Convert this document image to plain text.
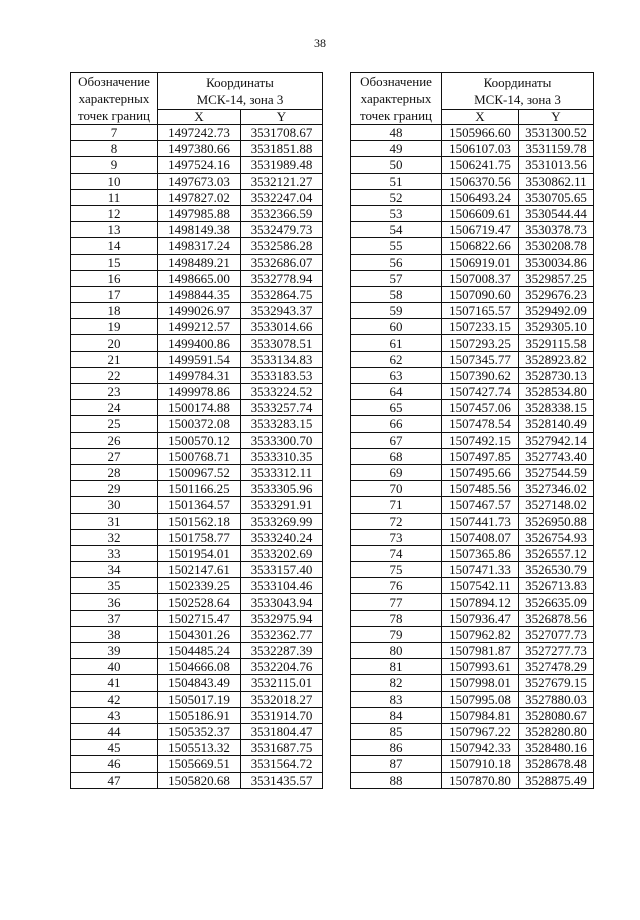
38
Обозначение
характерных
точек границ	Координаты
МСК-14, зона 3	

	X	Y
7	1497242.73	3531708.67
8	1497380.66	3531851.88
9	1497524.16	3531989.48
10	1497673.03	3532121.27
11	1497827.02	3532247.04
12	1497985.88	3532366.59
13	1498149.38	3532479.73
14	1498317.24	3532586.28
15	1498489.21	3532686.07
16	1498665.00	3532778.94
17	1498844.35	3532864.75
18	1499026.97	3532943.37
19	1499212.57	3533014.66
20	1499400.86	3533078.51
21	1499591.54	3533134.83
22	1499784.31	3533183.53
23	1499978.86	3533224.52
24	1500174.88	3533257.74
25	1500372.08	3533283.15
26	1500570.12	3533300.70
27	1500768.71	3533310.35
28	1500967.52	3533312.11
29	1501166.25	3533305.96
30	1501364.57	3533291.91
31	1501562.18	3533269.99
32	1501758.77	3533240.24
33	1501954.01	3533202.69
34	1502147.61	3533157.40
35	1502339.25	3533104.46
36	1502528.64	3533043.94
37	1502715.47	3532975.94
38	1504301.26	3532362.77
39	1504485.24	3532287.39
40	1504666.08	3532204.76
41	1504843.49	3532115.01
42	1505017.19	3532018.27
43	1505186.91	3531914.70
44	1505352.37	3531804.47
45	1505513.32	3531687.75
46	1505669.51	3531564.72
47	1505820.68	3531435.57
Обозначение
характерных
точек границ	Координаты
МСК-14, зона 3	

	X	Y
48	1505966.60	3531300.52
49	1506107.03	3531159.78
50	1506241.75	3531013.56
51	1506370.56	3530862.11
52	1506493.24	3530705.65
53	1506609.61	3530544.44
54	1506719.47	3530378.73
55	1506822.66	3530208.78
56	1506919.01	3530034.86
57	1507008.37	3529857.25
58	1507090.60	3529676.23
59	1507165.57	3529492.09
60	1507233.15	3529305.10
61	1507293.25	3529115.58
62	1507345.77	3528923.82
63	1507390.62	3528730.13
64	1507427.74	3528534.80
65	1507457.06	3528338.15
66	1507478.54	3528140.49
67	1507492.15	3527942.14
68	1507497.85	3527743.40
69	1507495.66	3527544.59
70	1507485.56	3527346.02
71	1507467.57	3527148.02
72	1507441.73	3526950.88
73	1507408.07	3526754.93
74	1507365.86	3526557.12
75	1507471.33	3526530.79
76	1507542.11	3526713.83
77	1507894.12	3526635.09
78	1507936.47	3526878.56
79	1507962.82	3527077.73
80	1507981.87	3527277.73
81	1507993.61	3527478.29
82	1507998.01	3527679.15
83	1507995.08	3527880.03
84	1507984.81	3528080.67
85	1507967.22	3528280.80
86	1507942.33	3528480.16
87	1507910.18	3528678.48
88	1507870.80	3528875.49
